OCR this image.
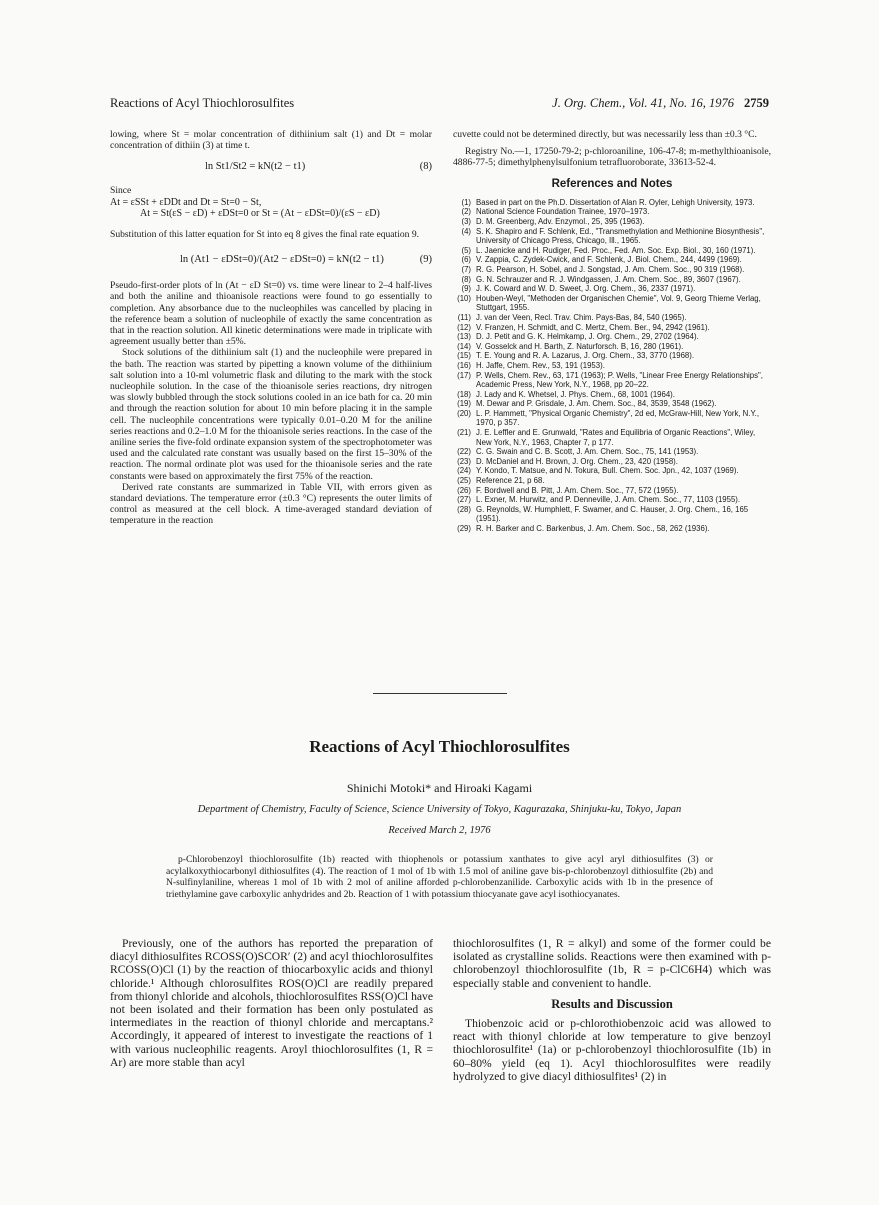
Reactions of Acyl Thiochlorosulfites	J. Org. Chem., Vol. 41, No. 16, 1976 2759

lowing, where St = molar concentration of dithiinium salt (1) and Dt = molar concentration of dithiin (3) at time t.

ln St1/St2 = kN(t2 − t1)	(8)

Since

At = εSSt + εDDt and Dt = St=0 − St,

At = St(εS − εD) + εDSt=0 or St = (At − εDSt=0)/(εS − εD)

Substitution of this latter equation for St into eq 8 gives the final rate equation 9.

ln (At1 − εDSt=0)/(At2 − εDSt=0) = kN(t2 − t1)	(9)

Pseudo-first-order plots of ln (At − εD St=0) vs. time were linear to 2–4 half-lives and both the aniline and thioanisole reactions were found to go essentially to completion. Any absorbance due to the nucleophiles was cancelled by placing in the reference beam a solution of nucleophile of exactly the same concentration as that in the reaction solution. All kinetic determinations were made in triplicate with agreement usually better than ±5%.

Stock solutions of the dithiinium salt (1) and the nucleophile were prepared in the bath. The reaction was started by pipetting a known volume of the dithiinium salt solution into a 10-ml volumetric flask and diluting to the mark with the stock nucleophile solution. In the case of the thioanisole series reactions, dry nitrogen was slowly bubbled through the stock solutions cooled in an ice bath for ca. 20 min and through the reaction solution for about 10 min before placing it in the sample cell. The nucleophile concentrations were typically 0.01–0.20 M for the aniline series reactions and 0.2–1.0 M for the thioanisole series reactions. In the case of the aniline series the five-fold ordinate expansion system of the spectrophotometer was used and the calculated rate constant was usually based on the first 15–30% of the reaction. The normal ordinate plot was used for the thioanisole series and the rate constants were based on approximately the first 75% of the reaction.

Derived rate constants are summarized in Table VII, with errors given as standard deviations. The temperature error (±0.3 °C) represents the outer limits of control as measured at the cell block. A time-averaged standard deviation of temperature in the reaction

cuvette could not be determined directly, but was necessarily less than ±0.3 °C.

Registry No.—1, 17250-79-2; p-chloroaniline, 106-47-8; m-methylthioanisole, 4886-77-5; dimethylphenylsulfonium tetrafluoroborate, 33613-52-4.

References and Notes
(1) Based in part on the Ph.D. Dissertation of Alan R. Oyler, Lehigh University, 1973.
(2) National Science Foundation Trainee, 1970–1973.
(3) D. M. Greenberg, Adv. Enzymol., 25, 395 (1963).
(4) S. K. Shapiro and F. Schlenk, Ed., "Transmethylation and Methionine Biosynthesis", University of Chicago Press, Chicago, Ill., 1965.
(5) L. Jaenicke and H. Rudiger, Fed. Proc., Fed. Am. Soc. Exp. Biol., 30, 160 (1971).
(6) V. Zappia, C. Zydek-Cwick, and F. Schlenk, J. Biol. Chem., 244, 4499 (1969).
(7) R. G. Pearson, H. Sobel, and J. Songstad, J. Am. Chem. Soc., 90 319 (1968).
(8) G. N. Schrauzer and R. J. Windgassen, J. Am. Chem. Soc., 89, 3607 (1967).
(9) J. K. Coward and W. D. Sweet, J. Org. Chem., 36, 2337 (1971).
(10) Houben-Weyl, "Methoden der Organischen Chemie", Vol. 9, Georg Thieme Verlag, Stuttgart, 1955.
(11) J. van der Veen, Recl. Trav. Chim. Pays-Bas, 84, 540 (1965).
(12) V. Franzen, H. Schmidt, and C. Mertz, Chem. Ber., 94, 2942 (1961).
(13) D. J. Petit and G. K. Helmkamp, J. Org. Chem., 29, 2702 (1964).
(14) V. Gosselck and H. Barth, Z. Naturforsch. B, 16, 280 (1961).
(15) T. E. Young and R. A. Lazarus, J. Org. Chem., 33, 3770 (1968).
(16) H. Jaffe, Chem. Rev., 53, 191 (1953).
(17) P. Wells, Chem. Rev., 63, 171 (1963); P. Wells, "Linear Free Energy Relationships", Academic Press, New York, N.Y., 1968, pp 20–22.
(18) J. Lady and K. Whetsel, J. Phys. Chem., 68, 1001 (1964).
(19) M. Dewar and P. Grisdale, J. Am. Chem. Soc., 84, 3539, 3548 (1962).
(20) L. P. Hammett, "Physical Organic Chemistry", 2d ed, McGraw-Hill, New York, N.Y., 1970, p 357.
(21) J. E. Leffler and E. Grunwald, "Rates and Equilibria of Organic Reactions", Wiley, New York, N.Y., 1963, Chapter 7, p 177.
(22) C. G. Swain and C. B. Scott, J. Am. Chem. Soc., 75, 141 (1953).
(23) D. McDaniel and H. Brown, J. Org. Chem., 23, 420 (1958).
(24) Y. Kondo, T. Matsue, and N. Tokura, Bull. Chem. Soc. Jpn., 42, 1037 (1969).
(25) Reference 21, p 68.
(26) F. Bordwell and B. Pitt, J. Am. Chem. Soc., 77, 572 (1955).
(27) L. Exner, M. Hurwitz, and P. Denneville, J. Am. Chem. Soc., 77, 1103 (1955).
(28) G. Reynolds, W. Humphlett, F. Swamer, and C. Hauser, J. Org. Chem., 16, 165 (1951).
(29) R. H. Barker and C. Barkenbus, J. Am. Chem. Soc., 58, 262 (1936).
Reactions of Acyl Thiochlorosulfites
Shinichi Motoki* and Hiroaki Kagami
Department of Chemistry, Faculty of Science, Science University of Tokyo, Kagurazaka, Shinjuku-ku, Tokyo, Japan
Received March 2, 1976
p-Chlorobenzoyl thiochlorosulfite (1b) reacted with thiophenols or potassium xanthates to give acyl aryl dithiosulfites (3) or acylalkoxythiocarbonyl dithiosulfites (4). The reaction of 1 mol of 1b with 1.5 mol of aniline gave bis-p-chlorobenzoyl dithiosulfite (2b) and N-sulfinylaniline, whereas 1 mol of 1b with 2 mol of aniline afforded p-chlorobenzanilide. Carboxylic acids with 1b in the presence of triethylamine gave carboxylic anhydrides and 2b. Reaction of 1 with potassium thiocyanate gave acyl isothiocyanates.

Previously, one of the authors has reported the preparation of diacyl dithiosulfites RCOSS(O)SCOR′ (2) and acyl thiochlorosulfites RCOSS(O)Cl (1) by the reaction of thiocarboxylic acids and thionyl chloride.¹ Although chlorosulfites ROS(O)Cl are readily prepared from thionyl chloride and alcohols, thiochlorosulfites RSS(O)Cl have not been isolated and their formation has been only postulated as intermediates in the reaction of thionyl chloride and mercaptans.² Accordingly, it appeared of interest to investigate the reactions of 1 with various nucleophilic reagents. Aroyl thiochlorosulfites (1, R = Ar) are more stable than acyl

thiochlorosulfites (1, R = alkyl) and some of the former could be isolated as crystalline solids. Reactions were then examined with p-chlorobenzoyl thiochlorosulfite (1b, R = p-ClC6H4) which was especially stable and convenient to handle.

Results and Discussion

Thiobenzoic acid or p-chlorothiobenzoic acid was allowed to react with thionyl chloride at low temperature to give benzoyl thiochlorosulfite¹ (1a) or p-chlorobenzoyl thiochlorosulfite (1b) in 60–80% yield (eq 1). Acyl thiochlorosulfites were readily hydrolyzed to give diacyl dithiosulfites¹ (2) in
